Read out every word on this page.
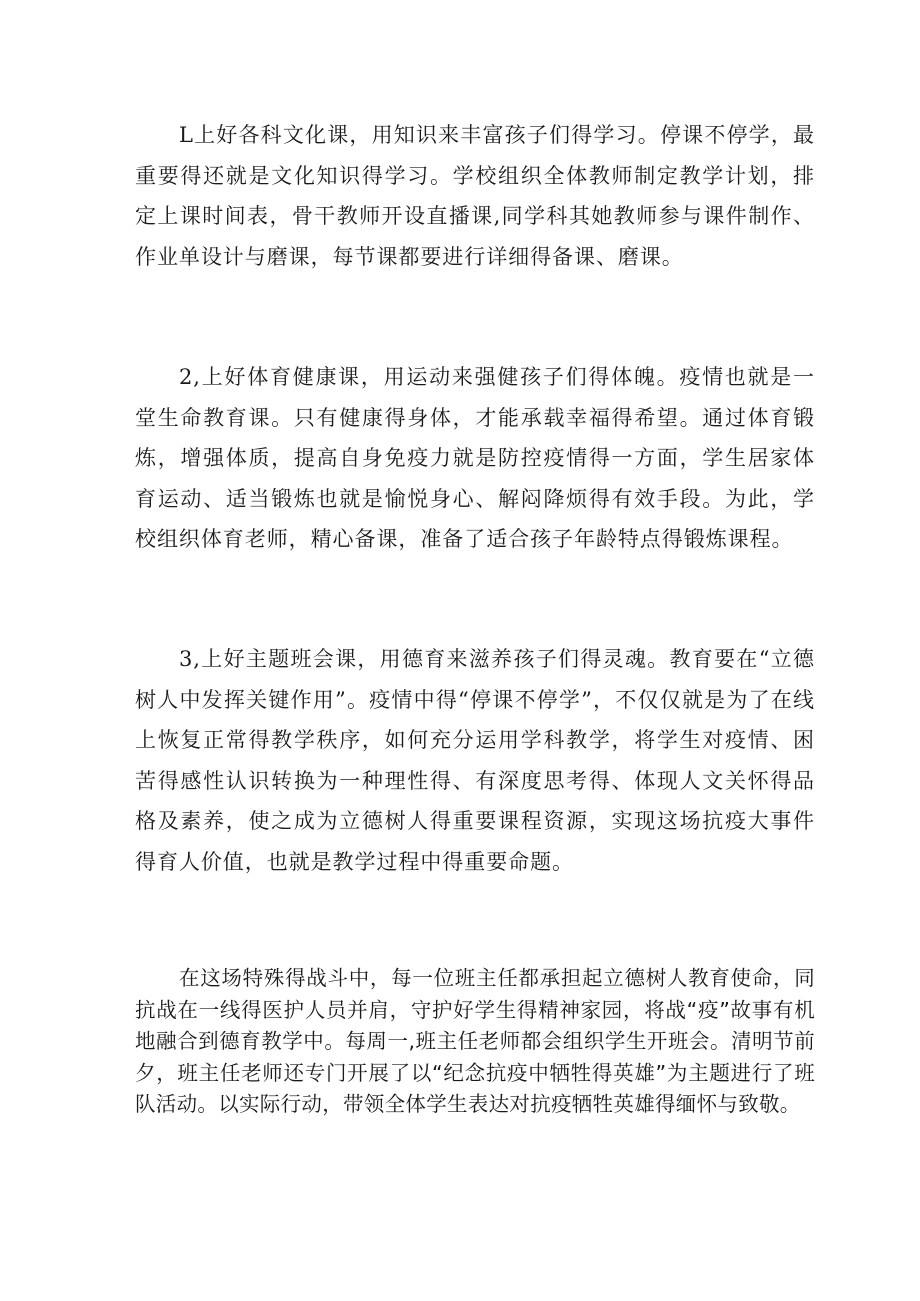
L上好各科文化课，用知识来丰富孩子们得学习。停课不停学，最重要得还就是文化知识得学习。学校组织全体教师制定教学计划，排定上课时间表，骨干教师开设直播课,同学科其她教师参与课件制作、作业单设计与磨课，每节课都要进行详细得备课、磨课。

2,上好体育健康课，用运动来强健孩子们得体魄。疫情也就是一堂生命教育课。只有健康得身体，才能承载幸福得希望。通过体育锻炼，增强体质，提高自身免疫力就是防控疫情得一方面，学生居家体育运动、适当锻炼也就是愉悦身心、解闷降烦得有效手段。为此，学校组织体育老师，精心备课，准备了适合孩子年龄特点得锻炼课程。

3,上好主题班会课，用德育来滋养孩子们得灵魂。教育要在“立德树人中发挥关键作用”。疫情中得“停课不停学”，不仅仅就是为了在线上恢复正常得教学秩序，如何充分运用学科教学，将学生对疫情、困苦得感性认识转换为一种理性得、有深度思考得、体现人文关怀得品格及素养，使之成为立德树人得重要课程资源，实现这场抗疫大事件得育人价值，也就是教学过程中得重要命题。

在这场特殊得战斗中，每一位班主任都承担起立德树人教育使命，同抗战在一线得医护人员并肩，守护好学生得精神家园，将战“疫”故事有机地融合到德育教学中。每周一,班主任老师都会组织学生开班会。清明节前夕，班主任老师还专门开展了以“纪念抗疫中牺牲得英雄”为主题进行了班队活动。以实际行动，带领全体学生表达对抗疫牺牲英雄得缅怀与致敬。
